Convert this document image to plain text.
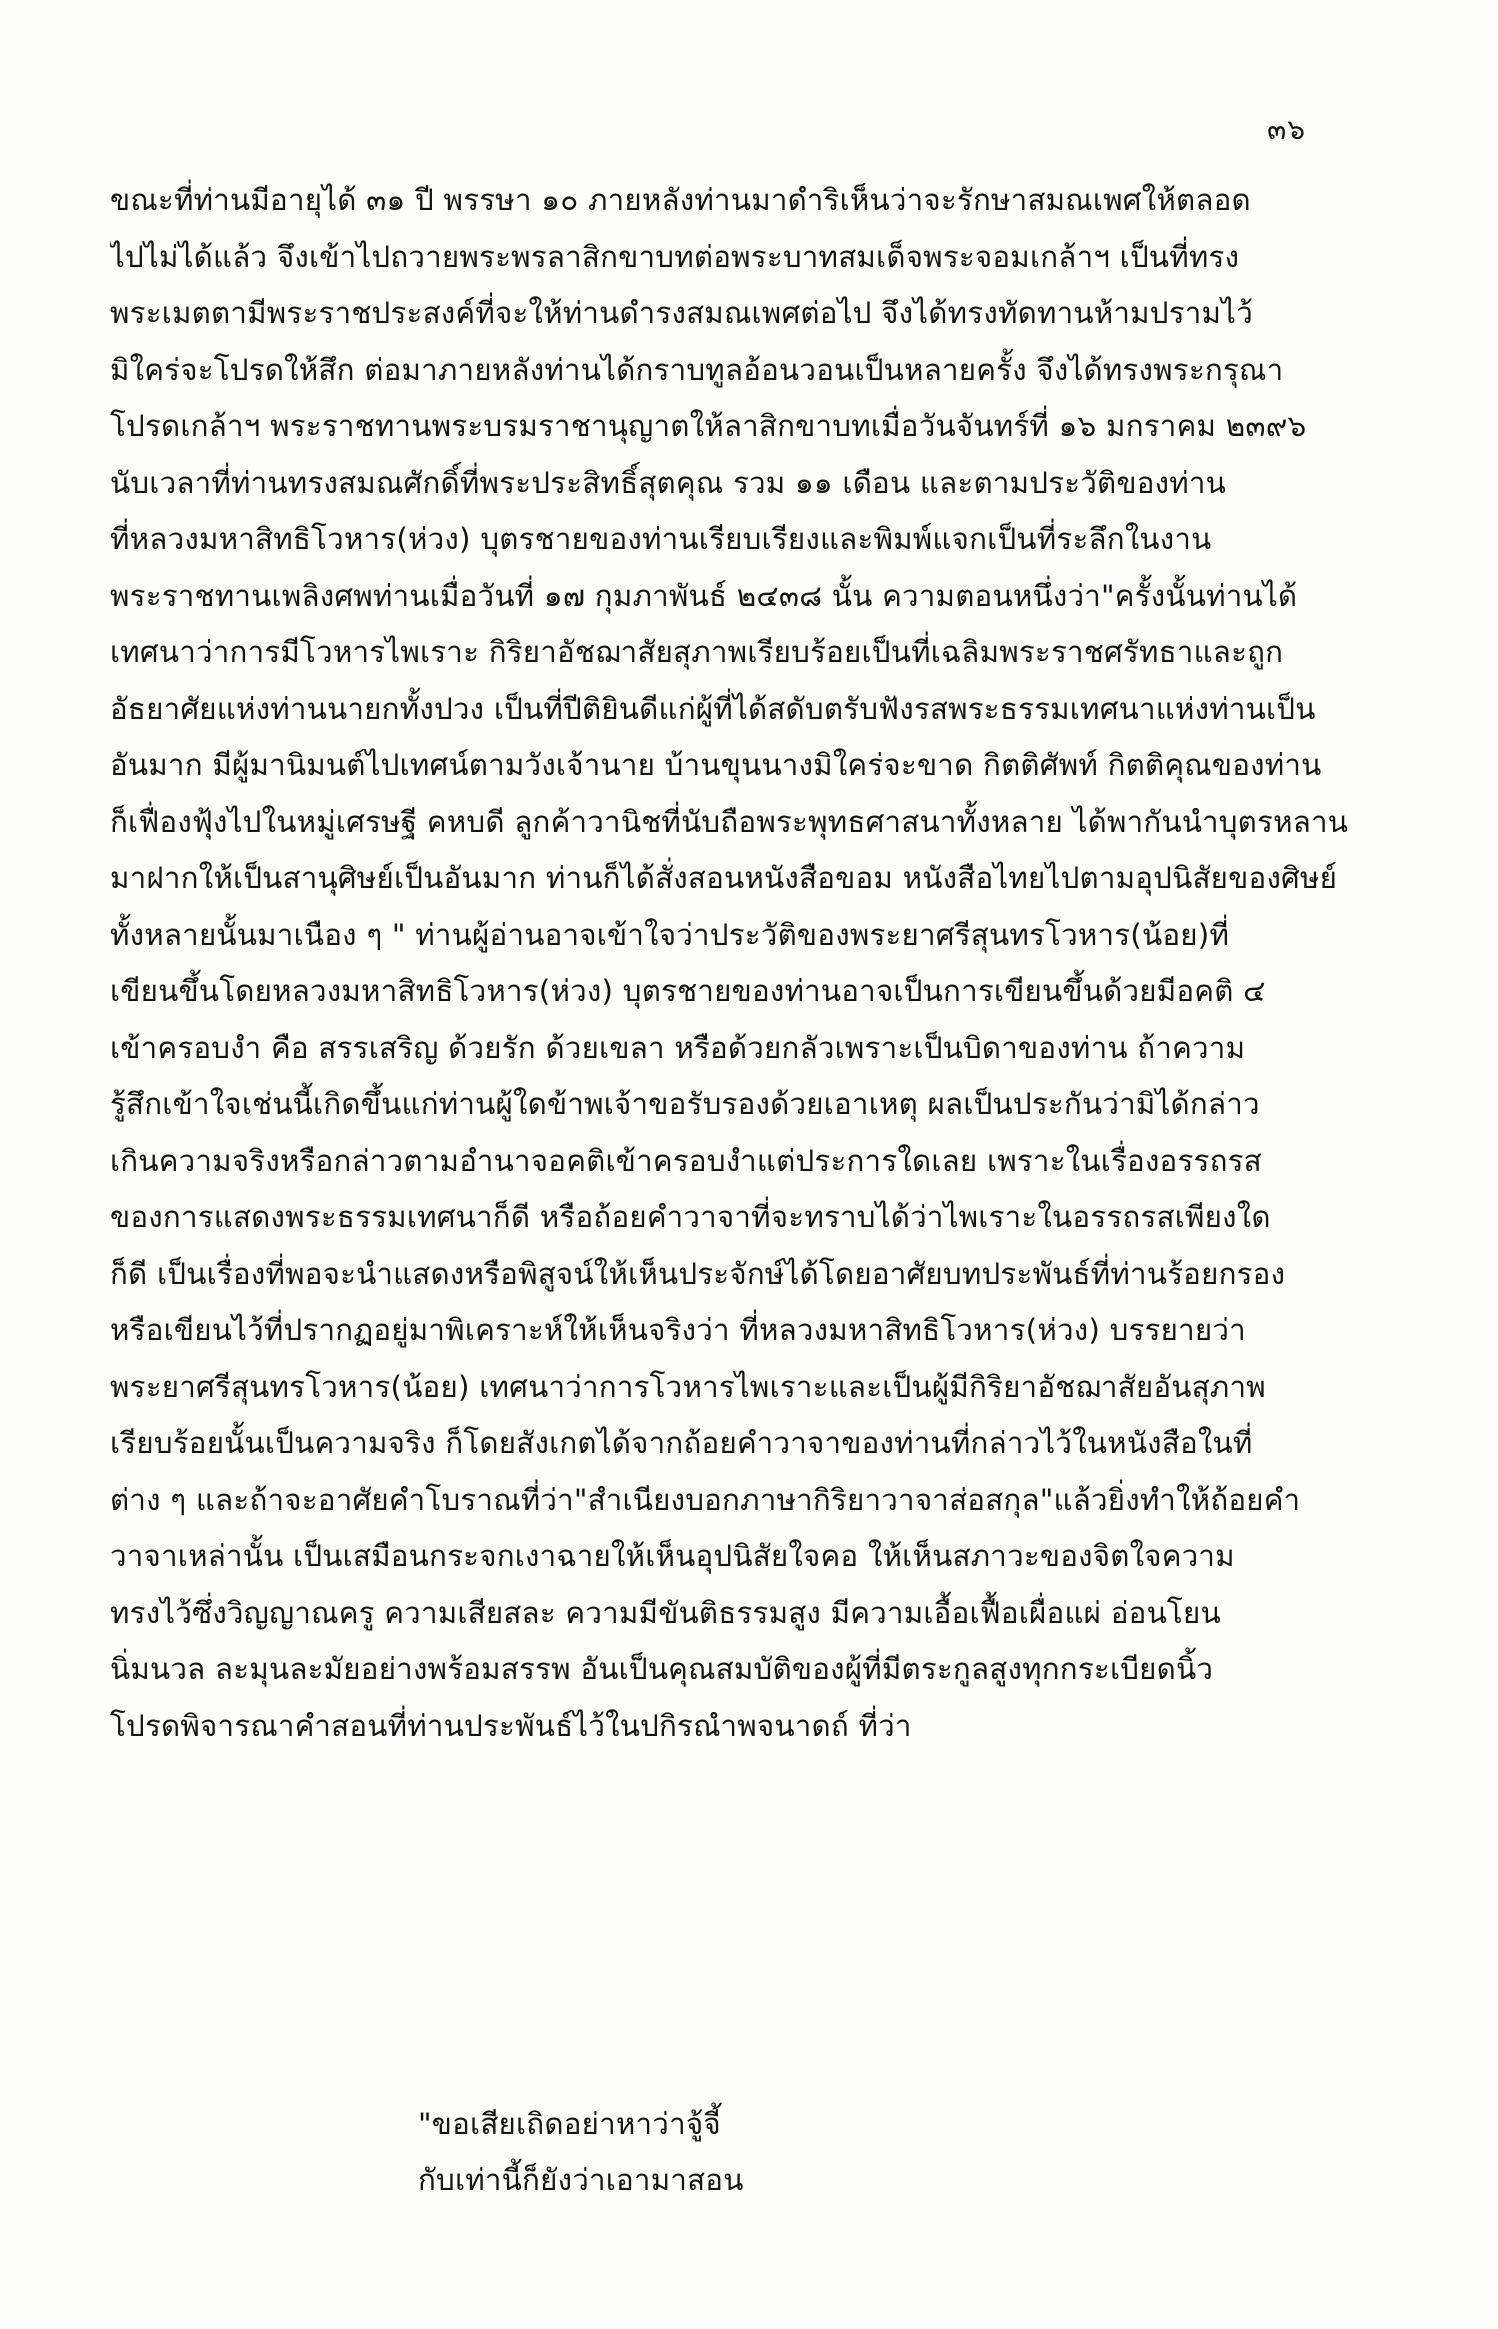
๓๖
ขณะที่ท่านมีอายุได้ ๓๑ ปี พรรษา ๑๐ ภายหลังท่านมาดำริเห็นว่าจะรักษาสมณเพศให้ตลอด
ไปไม่ได้แล้ว จึงเข้าไปถวายพระพรลาสิกขาบทต่อพระบาทสมเด็จพระจอมเกล้าฯ เป็นที่ทรง
พระเมตตามีพระราชประสงค์ที่จะให้ท่านดำรงสมณเพศต่อไป จึงได้ทรงทัดทานห้ามปรามไว้
มิใคร่จะโปรดให้สึก ต่อมาภายหลังท่านได้กราบทูลอ้อนวอนเป็นหลายครั้ง จึงได้ทรงพระกรุณา
โปรดเกล้าฯ พระราชทานพระบรมราชานุญาตให้ลาสิกขาบทเมื่อวันจันทร์ที่ ๑๖ มกราคม ๒๓๙๖
นับเวลาที่ท่านทรงสมณศักดิ์ที่พระประสิทธิ์สุตคุณ รวม ๑๑ เดือน และตามประวัติของท่าน
ที่หลวงมหาสิทธิโวหาร(ห่วง) บุตรชายของท่านเรียบเรียงและพิมพ์แจกเป็นที่ระลึกในงาน
พระราชทานเพลิงศพท่านเมื่อวันที่ ๑๗ กุมภาพันธ์ ๒๔๓๘ นั้น ความตอนหนึ่งว่า"ครั้งนั้นท่านได้
เทศนาว่าการมีโวหารไพเราะ กิริยาอัชฌาสัยสุภาพเรียบร้อยเป็นที่เฉลิมพระราชศรัทธาและถูก
อัธยาศัยแห่งท่านนายกทั้งปวง เป็นที่ปีติยินดีแก่ผู้ที่ได้สดับตรับฟังรสพระธรรมเทศนาแห่งท่านเป็น
อันมาก มีผู้มานิมนต์ไปเทศน์ตามวังเจ้านาย บ้านขุนนางมิใคร่จะขาด กิตติศัพท์ กิตติคุณของท่าน
ก็เฟื่องฟุ้งไปในหมู่เศรษฐี คหบดี ลูกค้าวานิชที่นับถือพระพุทธศาสนาทั้งหลาย ได้พากันนำบุตรหลาน
มาฝากให้เป็นสานุศิษย์เป็นอันมาก ท่านก็ได้สั่งสอนหนังสือขอม หนังสือไทยไปตามอุปนิสัยของศิษย์
ทั้งหลายนั้นมาเนือง ๆ " ท่านผู้อ่านอาจเข้าใจว่าประวัติของพระยาศรีสุนทรโวหาร(น้อย)ที่
เขียนขึ้นโดยหลวงมหาสิทธิโวหาร(ห่วง) บุตรชายของท่านอาจเป็นการเขียนขึ้นด้วยมีอคติ ๔
เข้าครอบงำ คือ สรรเสริญ ด้วยรัก ด้วยเขลา หรือด้วยกลัวเพราะเป็นบิดาของท่าน ถ้าความ
รู้สึกเข้าใจเช่นนี้เกิดขึ้นแก่ท่านผู้ใดข้าพเจ้าขอรับรองด้วยเอาเหตุ ผลเป็นประกันว่ามิได้กล่าว
เกินความจริงหรือกล่าวตามอำนาจอคติเข้าครอบงำแต่ประการใดเลย เพราะในเรื่องอรรถรส
ของการแสดงพระธรรมเทศนาก็ดี หรือถ้อยคำวาจาที่จะทราบได้ว่าไพเราะในอรรถรสเพียงใด
ก็ดี เป็นเรื่องที่พอจะนำแสดงหรือพิสูจน์ให้เห็นประจักษ์ได้โดยอาศัยบทประพันธ์ที่ท่านร้อยกรอง
หรือเขียนไว้ที่ปรากฏอยู่มาพิเคราะห์ให้เห็นจริงว่า ที่หลวงมหาสิทธิโวหาร(ห่วง) บรรยายว่า
พระยาศรีสุนทรโวหาร(น้อย) เทศนาว่าการโวหารไพเราะและเป็นผู้มีกิริยาอัชฌาสัยอันสุภาพ
เรียบร้อยนั้นเป็นความจริง ก็โดยสังเกตได้จากถ้อยคำวาจาของท่านที่กล่าวไว้ในหนังสือในที่
ต่าง ๆ และถ้าจะอาศัยคำโบราณที่ว่า"สำเนียงบอกภาษากิริยาวาจาส่อสกุล"แล้วยิ่งทำให้ถ้อยคำ
วาจาเหล่านั้น เป็นเสมือนกระจกเงาฉายให้เห็นอุปนิสัยใจคอ ให้เห็นสภาวะของจิตใจความ
ทรงไว้ซึ่งวิญญาณครู ความเสียสละ ความมีขันติธรรมสูง มีความเอื้อเฟื้อเผื่อแผ่ อ่อนโยน
นิ่มนวล ละมุนละมัยอย่างพร้อมสรรพ อันเป็นคุณสมบัติของผู้ที่มีตระกูลสูงทุกกระเบียดนิ้ว
โปรดพิจารณาคำสอนที่ท่านประพันธ์ไว้ในปกิรณำพจนาดถ์ ที่ว่า
"ขอเสียเถิดอย่าหาว่าจู้จี้
กับเท่านี้ก็ยังว่าเอามาสอน
